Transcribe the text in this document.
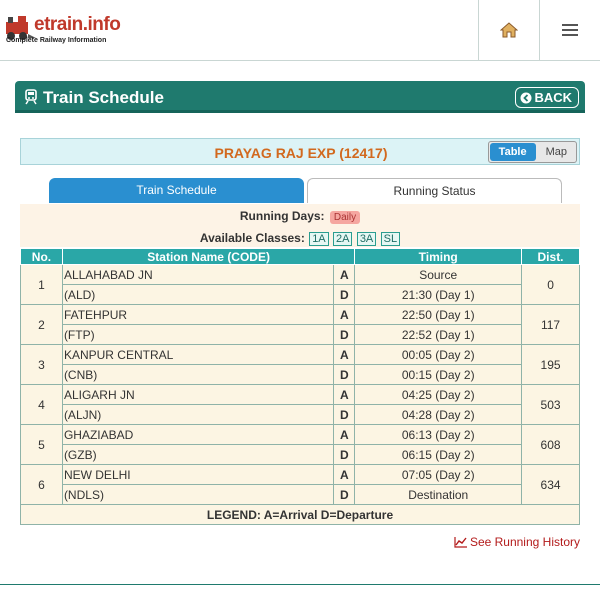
etrain.info
Complete Railway Information
Train Schedule	BACK
PRAYAG RAJ EXP (12417)	Table	Map
Train Schedule	Running Status
Running Days: Daily
Available Classes: 1A 2A 3A SL
No.	Station Name (CODE)		Timing	Dist.
1	ALLAHABAD JN	A	Source	0
	(ALD)	D	21:30 (Day 1)	
2	FATEHPUR	A	22:50 (Day 1)	117
	(FTP)	D	22:52 (Day 1)	
3	KANPUR CENTRAL	A	00:05 (Day 2)	195
	(CNB)	D	00:15 (Day 2)	
4	ALIGARH JN	A	04:25 (Day 2)	503
	(ALJN)	D	04:28 (Day 2)	
5	GHAZIABAD	A	06:13 (Day 2)	608
	(GZB)	D	06:15 (Day 2)	
6	NEW DELHI	A	07:05 (Day 2)	634
	(NDLS)	D	Destination	
LEGEND: A=Arrival D=Departure				
See Running History
